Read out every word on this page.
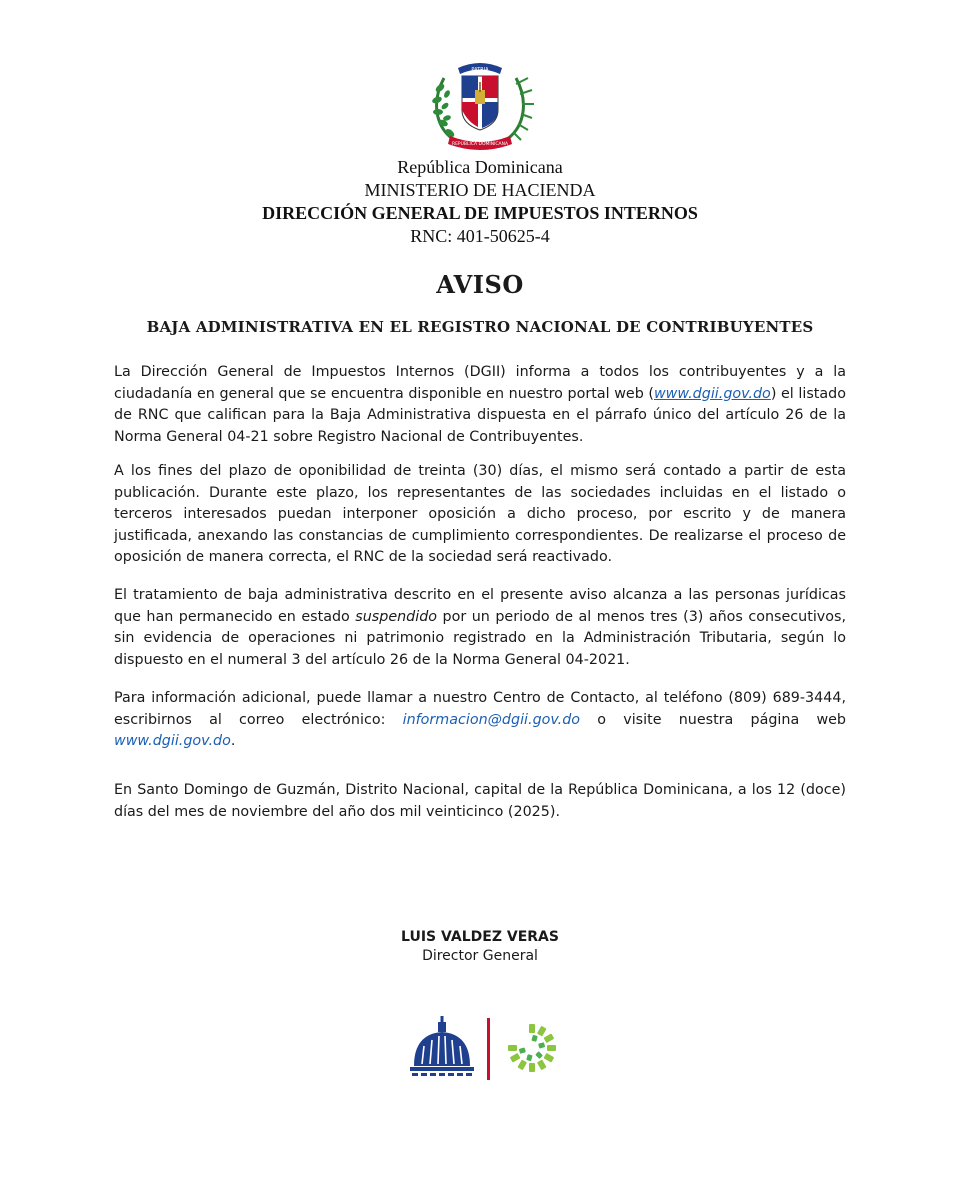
PATRIA
REPÚBLICA DOMINICANA
República Dominicana
MINISTERIO DE HACIENDA
DIRECCIÓN GENERAL DE IMPUESTOS INTERNOS
RNC: 401-50625-4
AVISO
BAJA ADMINISTRATIVA EN EL REGISTRO NACIONAL DE CONTRIBUYENTES
La Dirección General de Impuestos Internos (DGII) informa a todos los contribuyentes y a la ciudadanía en general que se encuentra disponible en nuestro portal web (www.dgii.gov.do) el listado de RNC que califican para la Baja Administrativa dispuesta en el párrafo único del artículo 26 de la Norma General 04-21 sobre Registro Nacional de Contribuyentes.
A los fines del plazo de oponibilidad de treinta (30) días, el mismo será contado a partir de esta publicación. Durante este plazo, los representantes de las sociedades incluidas en el listado o terceros interesados puedan interponer oposición a dicho proceso, por escrito y de manera justificada, anexando las constancias de cumplimiento correspondientes. De realizarse el proceso de oposición de manera correcta, el RNC de la sociedad será reactivado.
El tratamiento de baja administrativa descrito en el presente aviso alcanza a las personas jurídicas que han permanecido en estado suspendido por un periodo de al menos tres (3) años consecutivos, sin evidencia de operaciones ni patrimonio registrado en la Administración Tributaria, según lo dispuesto en el numeral 3 del artículo 26 de la Norma General 04-2021.
Para información adicional, puede llamar a nuestro Centro de Contacto, al teléfono (809) 689-3444, escribirnos al correo electrónico: informacion@dgii.gov.do o visite nuestra página web www.dgii.gov.do.
En Santo Domingo de Guzmán, Distrito Nacional, capital de la República Dominicana, a los 12 (doce) días del mes de noviembre del año dos mil veinticinco (2025).
LUIS VALDEZ VERAS
Director General
